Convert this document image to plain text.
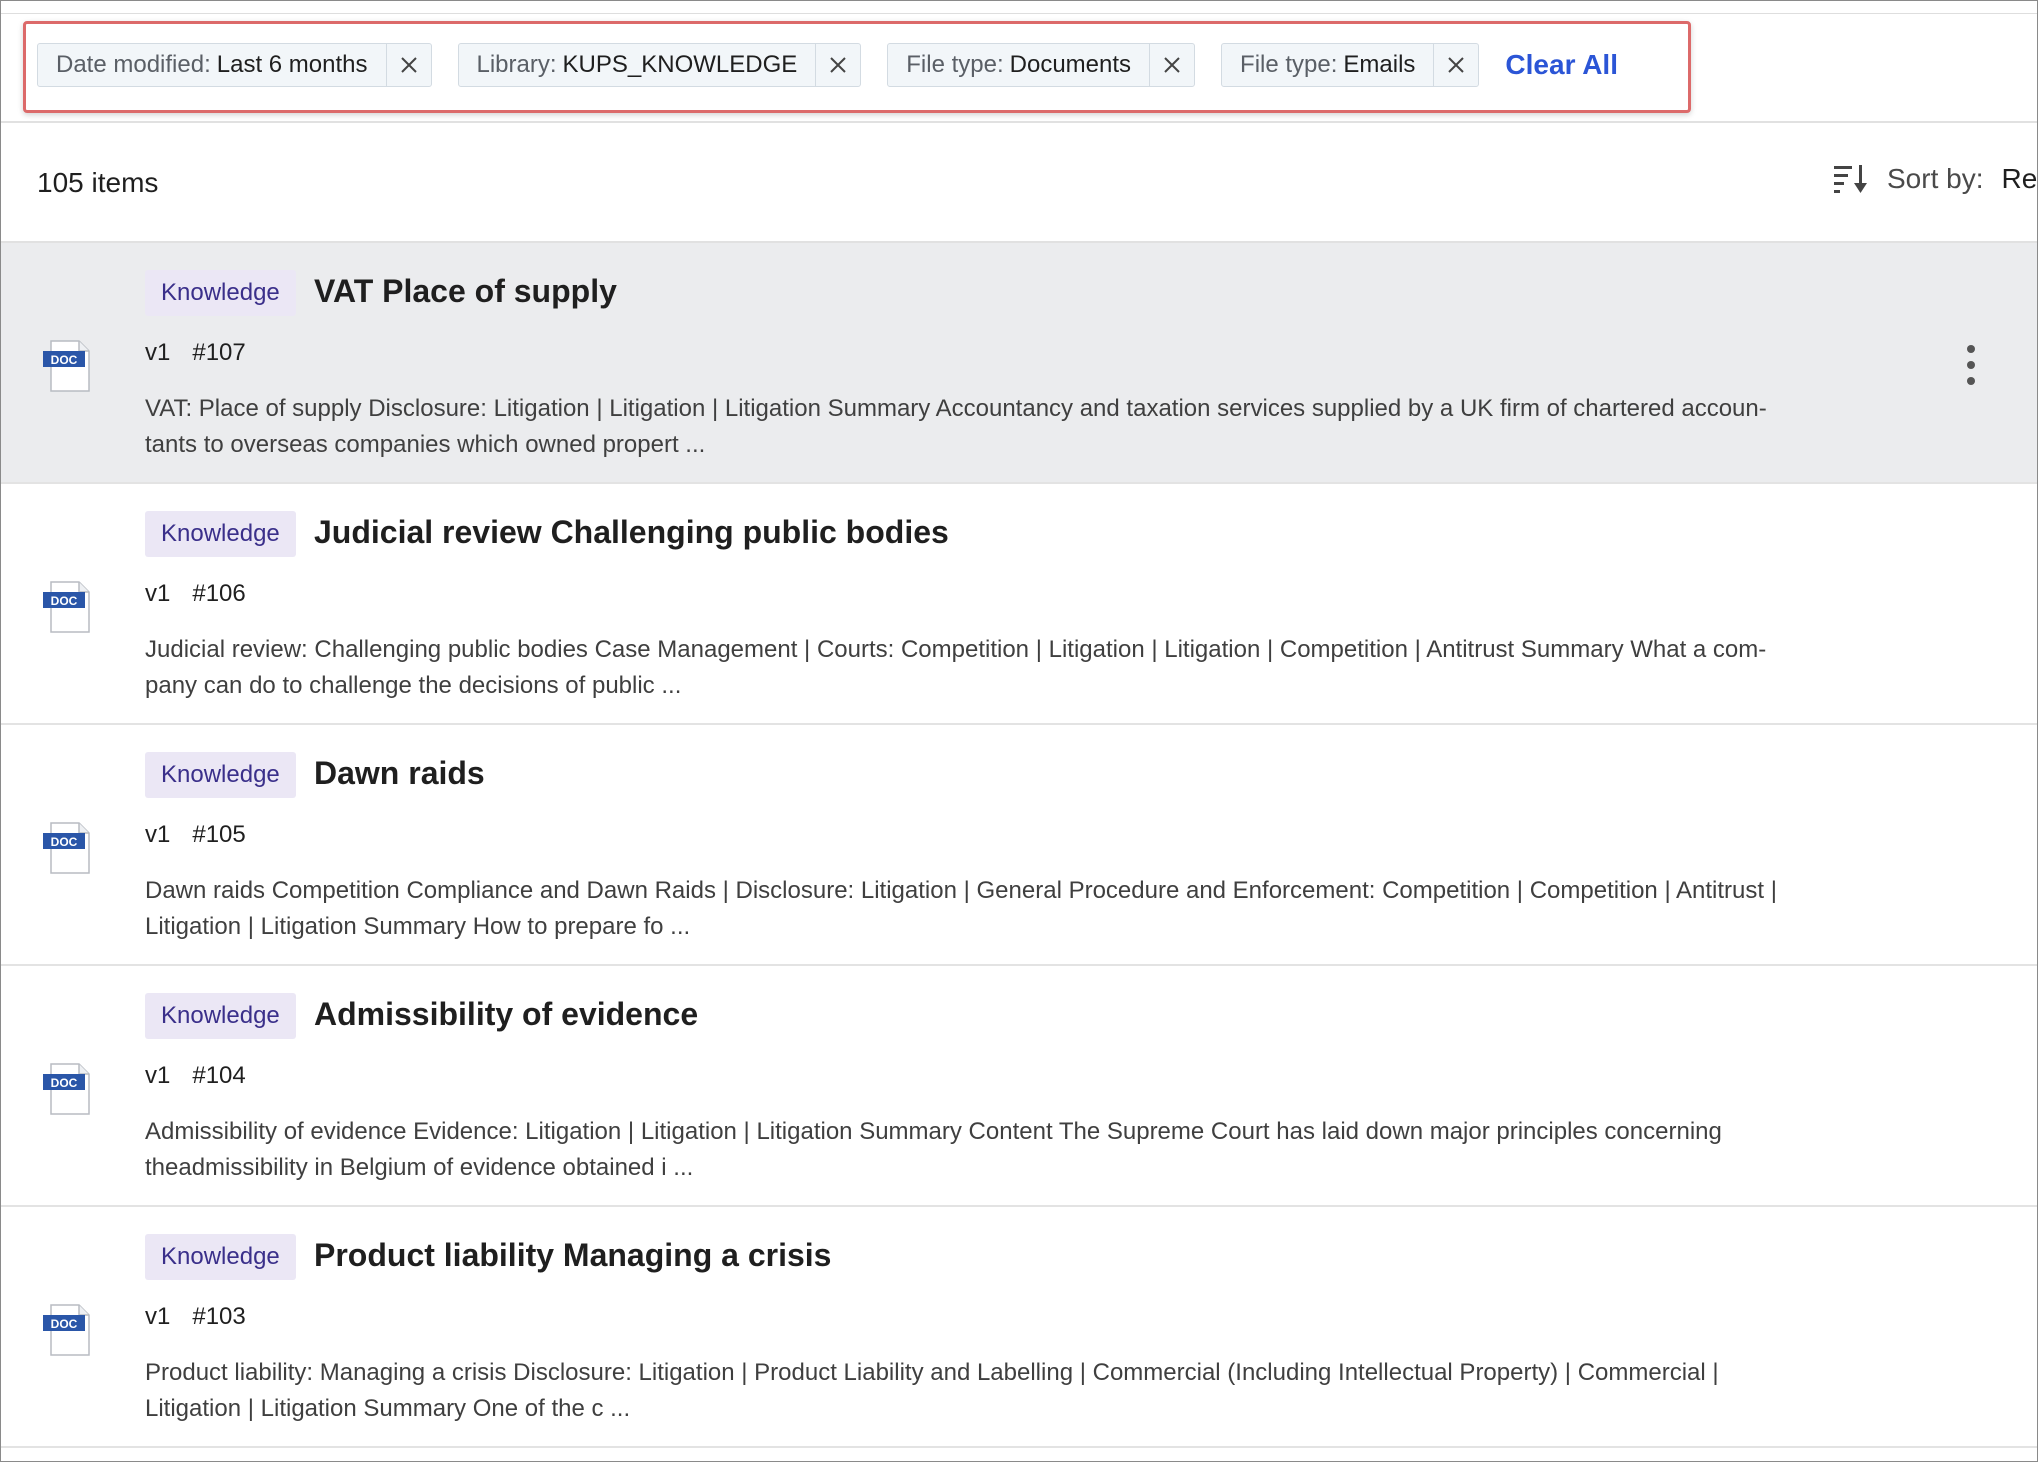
Date modified: Last 6 months	Library: KUPS_KNOWLEDGE	File type: Documents	File type: Emails	Clear All
105 items	Sort by: Re
DOC
Knowledge	VAT Place of supply
v1 #107
VAT: Place of supply Disclosure: Litigation | Litigation | Litigation Summary Accountancy and taxation services supplied by a UK firm of chartered accoun-
tants to overseas companies which owned propert ...
DOC
Knowledge	Judicial review Challenging public bodies
v1 #106
Judicial review: Challenging public bodies Case Management | Courts: Competition | Litigation | Litigation | Competition | Antitrust Summary What a com-
pany can do to challenge the decisions of public ...
DOC
Knowledge	Dawn raids
v1 #105
Dawn raids Competition Compliance and Dawn Raids | Disclosure: Litigation | General Procedure and Enforcement: Competition | Competition | Antitrust |
Litigation | Litigation Summary How to prepare fo ...
DOC
Knowledge	Admissibility of evidence
v1 #104
Admissibility of evidence Evidence: Litigation | Litigation | Litigation Summary Content The Supreme Court has laid down major principles concerning
theadmissibility in Belgium of evidence obtained i ...
DOC
Knowledge	Product liability Managing a crisis
v1 #103
Product liability: Managing a crisis Disclosure: Litigation | Product Liability and Labelling | Commercial (Including Intellectual Property) | Commercial |
Litigation | Litigation Summary One of the c ...
